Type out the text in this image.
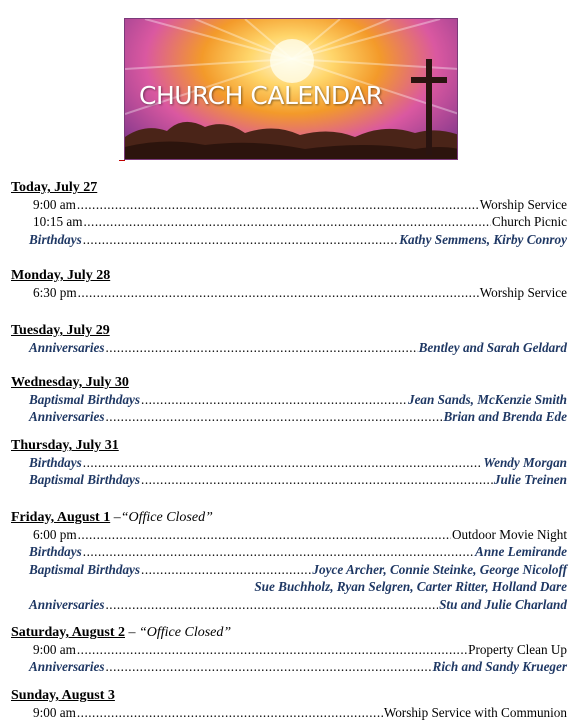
CHURCH CALENDAR
Today, July 27
9:00 am .....	Worship Service
10:15 am .....	Church Picnic
Birthdays .....	Kathy Semmens, Kirby Conroy
Monday, July 28
6:30 pm .....	Worship Service
Tuesday, July 29
Anniversaries .....	Bentley and Sarah Geldard
Wednesday, July 30
Baptismal Birthdays .....	Jean Sands, McKenzie Smith
Anniversaries .....	Brian and Brenda Ede
Thursday, July 31
Birthdays .....	Wendy Morgan
Baptismal Birthdays .....	Julie Treinen
Friday, August 1 –“Office Closed”
6:00 pm .....	Outdoor Movie Night
Birthdays .....	Anne Lemirande
Baptismal Birthdays .....	Joyce Archer, Connie Steinke, George Nicoloff
Sue Buchholz, Ryan Selgren, Carter Ritter, Holland Dare
Anniversaries .....	Stu and Julie Charland
Saturday, August 2 – “Office Closed”
9:00 am .....	Property Clean Up
Anniversaries .....	Rich and Sandy Krueger
Sunday, August 3
9:00 am .....	Worship Service with Communion
